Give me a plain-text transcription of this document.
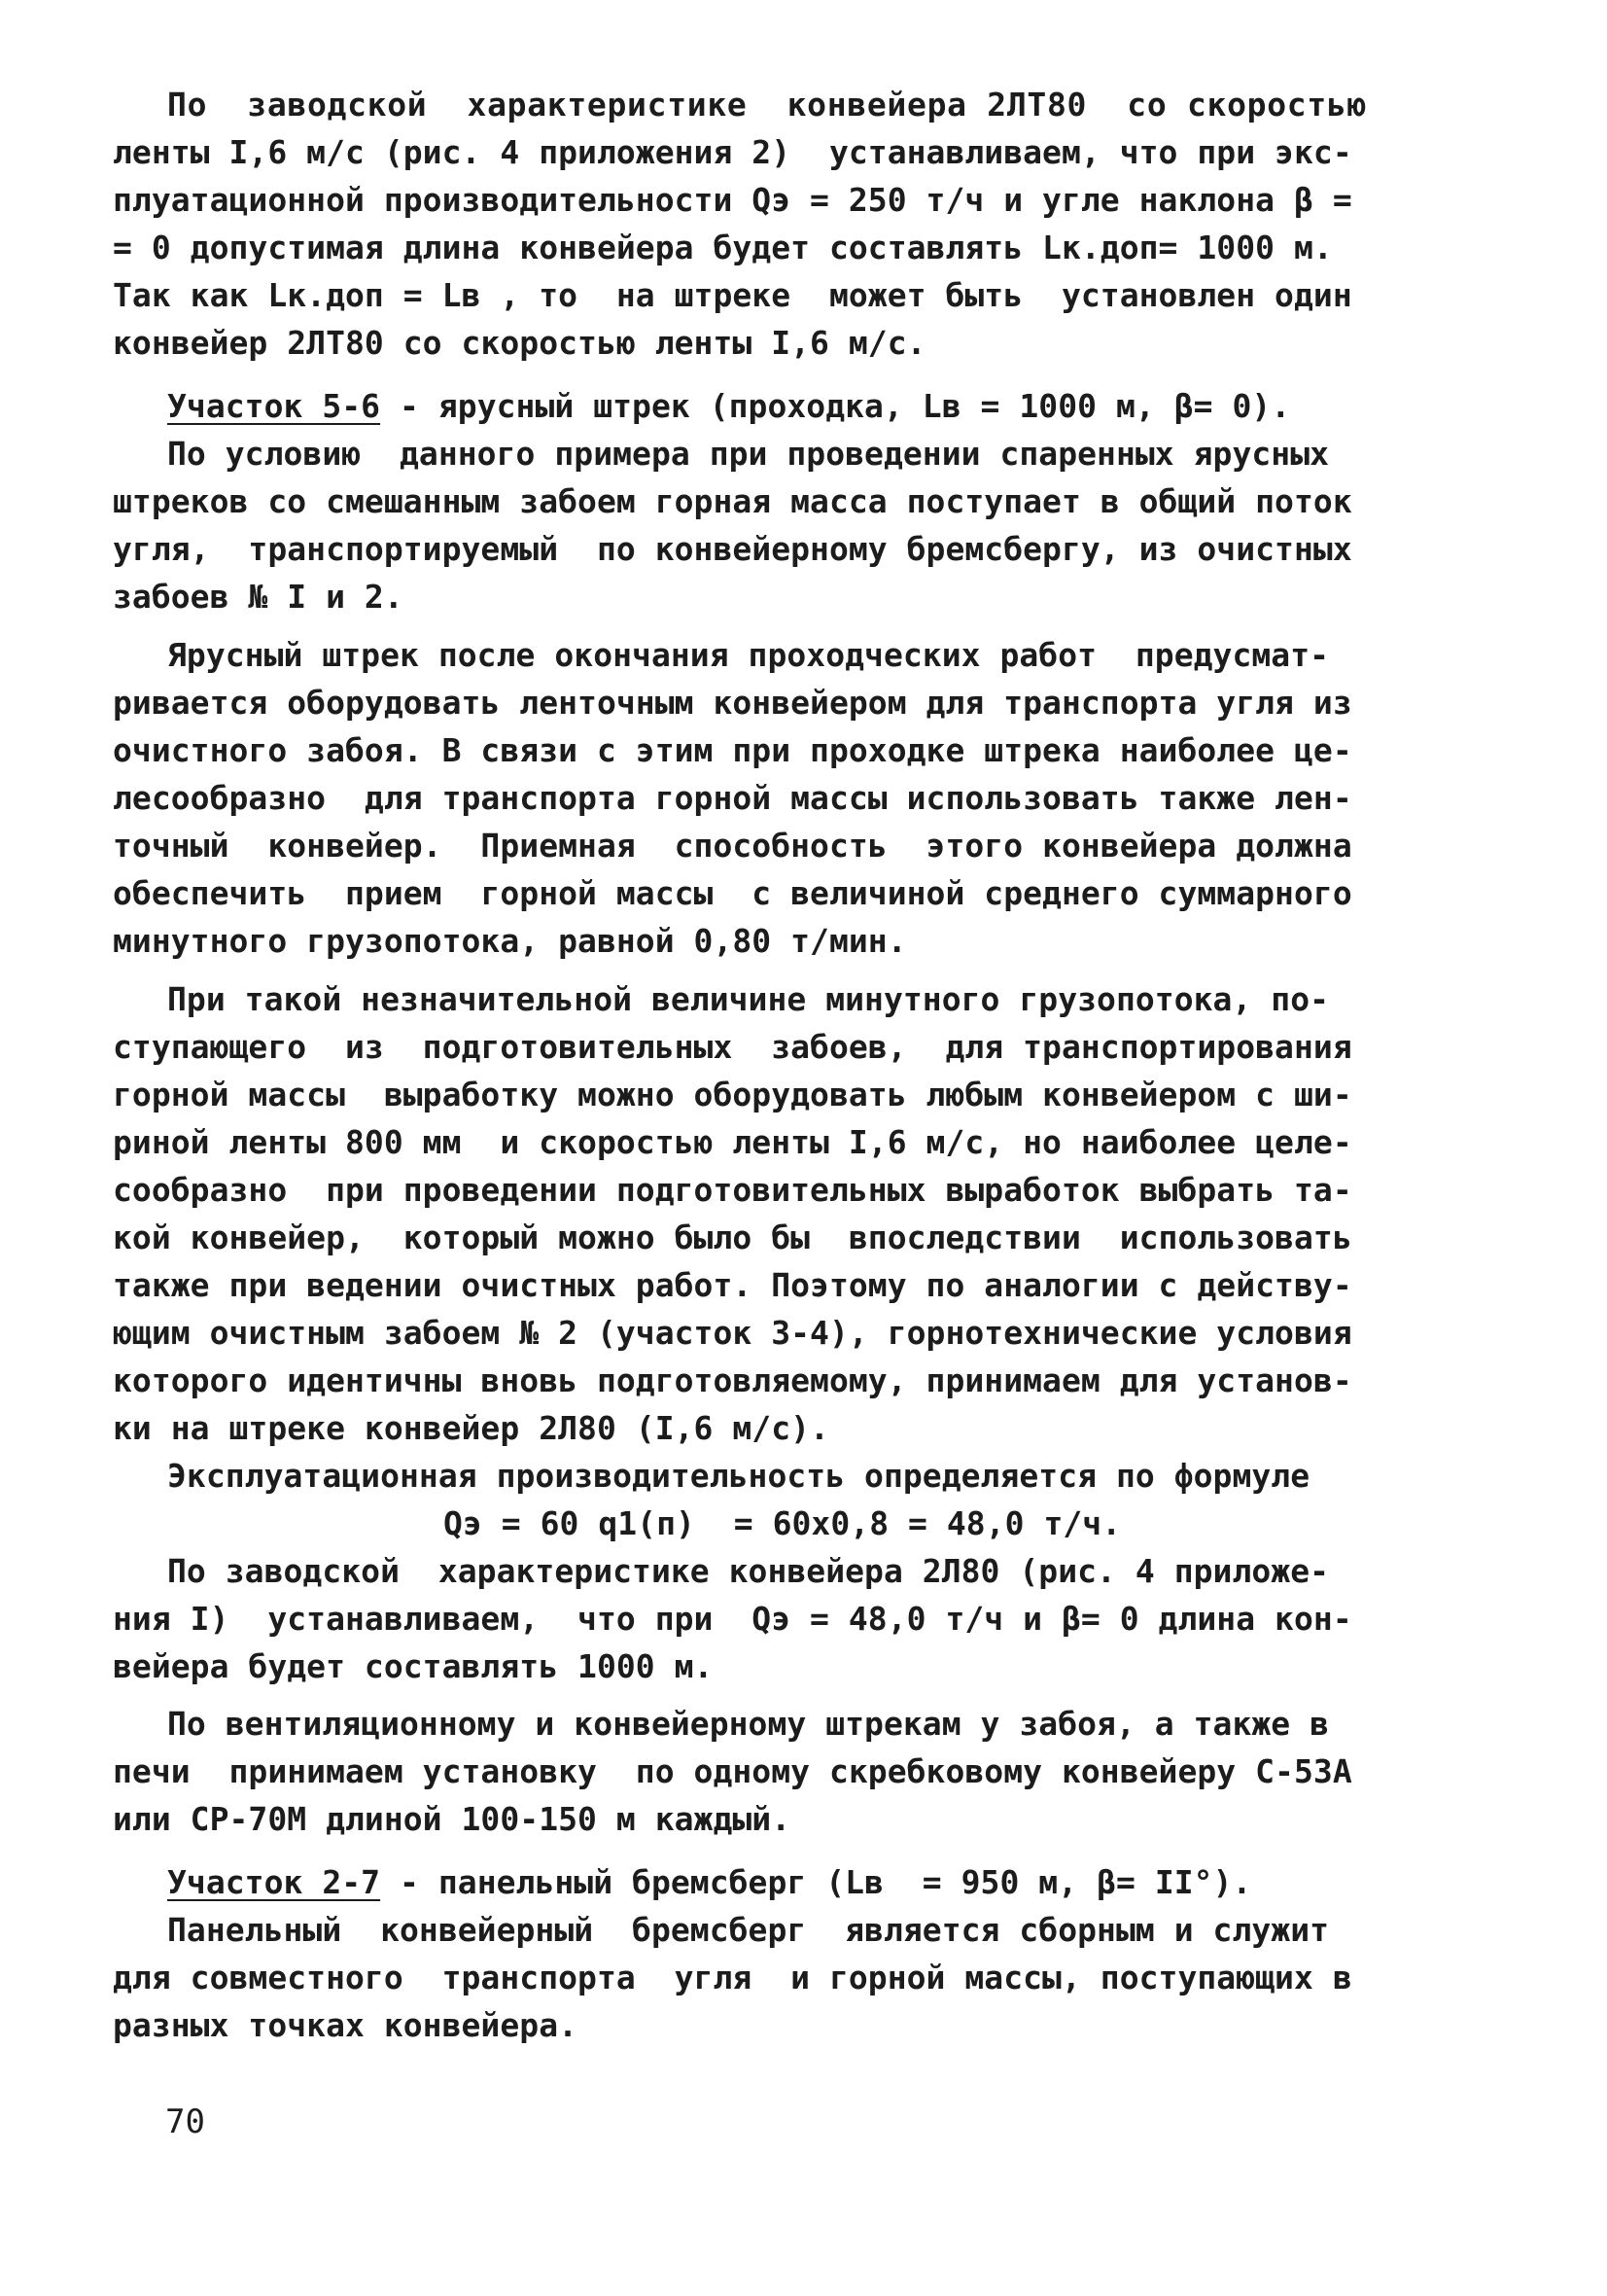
По  заводской  характеристике  конвейера 2ЛТ80  со скоростью
ленты I,6 м/с (рис. 4 приложения 2)  устанавливаем, что при экс-
плуатационной производительности Qэ = 250 т/ч и угле наклона β =
= 0 допустимая длина конвейера будет составлять Lк.доп= 1000 м.
Так как Lк.доп = Lв , то  на штреке  может быть  установлен один
конвейер 2ЛТ80 со скоростью ленты I,6 м/с.
Участок 5-6 - ярусный штрек (проходка, Lв = 1000 м, β= 0).
По условию  данного примера при проведении спаренных ярусных
штреков со смешанным забоем горная масса поступает в общий поток
угля,  транспортируемый  по конвейерному бремсбергу, из очистных
забоев № I и 2.
Ярусный штрек после окончания проходческих работ  предусмат-
ривается оборудовать ленточным конвейером для транспорта угля из
очистного забоя. В связи с этим при проходке штрека наиболее це-
лесообразно  для транспорта горной массы использовать также лен-
точный  конвейер.  Приемная  способность  этого конвейера должна
обеспечить  прием  горной массы  с величиной среднего суммарного
минутного грузопотока, равной 0,80 т/мин.
При такой незначительной величине минутного грузопотока, по-
ступающего  из  подготовительных  забоев,  для транспортирования
горной массы  выработку можно оборудовать любым конвейером с ши-
риной ленты 800 мм  и скоростью ленты I,6 м/с, но наиболее целе-
сообразно  при проведении подготовительных выработок выбрать та-
кой конвейер,  который можно было бы  впоследствии  использовать
также при ведении очистных работ. Поэтому по аналогии с действу-
ющим очистным забоем № 2 (участок 3-4), горнотехнические условия
которого идентичны вновь подготовляемому, принимаем для установ-
ки на штреке конвейер 2Л80 (I,6 м/с).
Эксплуатационная производительность определяется по формуле
Qэ = 60 q1(п)  = 60х0,8 = 48,0 т/ч.
По заводской  характеристике конвейера 2Л80 (рис. 4 приложе-
ния I)  устанавливаем,  что при  Qэ = 48,0 т/ч и β= 0 длина кон-
вейера будет составлять 1000 м.
По вентиляционному и конвейерному штрекам у забоя, а также в
печи  принимаем установку  по одному скребковому конвейеру С-53А
или СР-70М длиной 100-150 м каждый.
Участок 2-7 - панельный бремсберг (Lв  = 950 м, β= II°).
Панельный  конвейерный  бремсберг  является сборным и служит
для совместного  транспорта  угля  и горной массы, поступающих в
разных точках конвейера.
70
